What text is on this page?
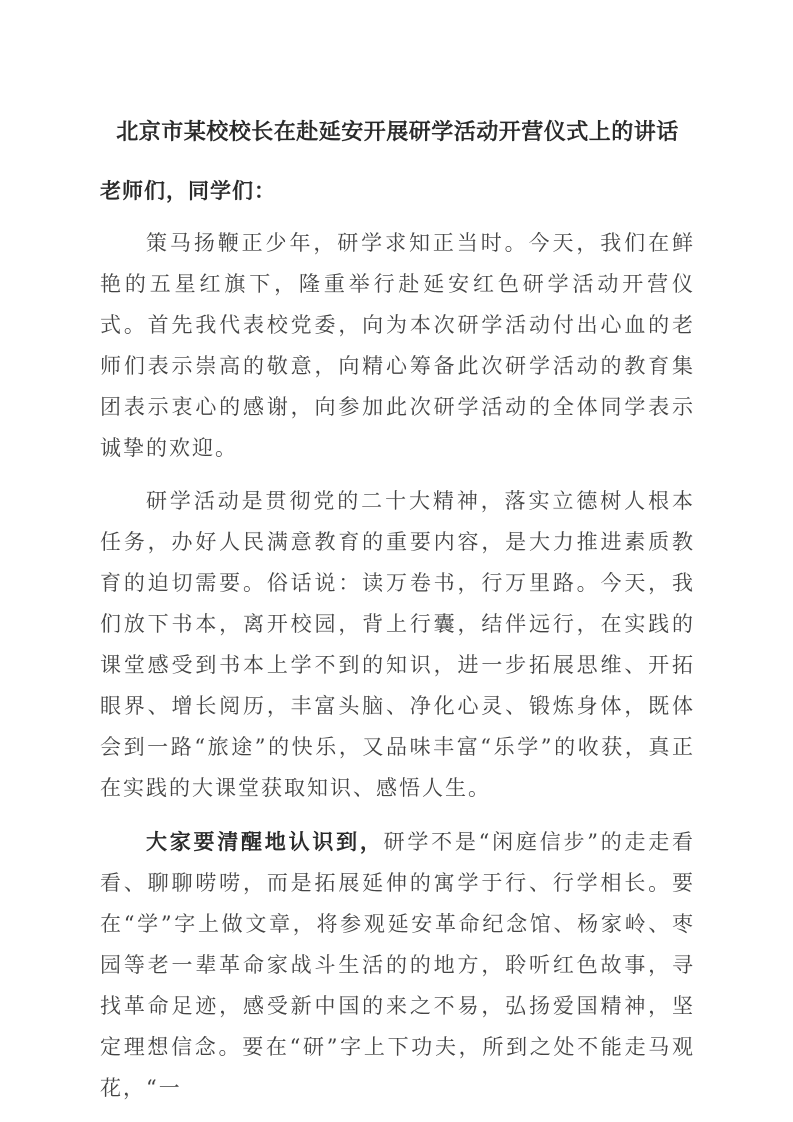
北京市某校校长在赴延安开展研学活动开营仪式上的讲话
老师们，同学们：

策马扬鞭正少年，研学求知正当时。今天，我们在鲜艳的五星红旗下，隆重举行赴延安红色研学活动开营仪式。首先我代表校党委，向为本次研学活动付出心血的老师们表示崇高的敬意，向精心筹备此次研学活动的教育集团表示衷心的感谢，向参加此次研学活动的全体同学表示诚挚的欢迎。

研学活动是贯彻党的二十大精神，落实立德树人根本任务，办好人民满意教育的重要内容，是大力推进素质教育的迫切需要。俗话说：读万卷书，行万里路。今天，我们放下书本，离开校园，背上行囊，结伴远行，在实践的课堂感受到书本上学不到的知识，进一步拓展思维、开拓眼界、增长阅历，丰富头脑、净化心灵、锻炼身体，既体会到一路“旅途”的快乐，又品味丰富“乐学”的收获，真正在实践的大课堂获取知识、感悟人生。

大家要清醒地认识到，研学不是“闲庭信步”的走走看看、聊聊唠唠，而是拓展延伸的寓学于行、行学相长。要在“学”字上做文章，将参观延安革命纪念馆、杨家岭、枣园等老一辈革命家战斗生活的的地方，聆听红色故事，寻找革命足迹，感受新中国的来之不易，弘扬爱国精神，坚定理想信念。要在“研”字上下功夫，所到之处不能走马观花，“一
